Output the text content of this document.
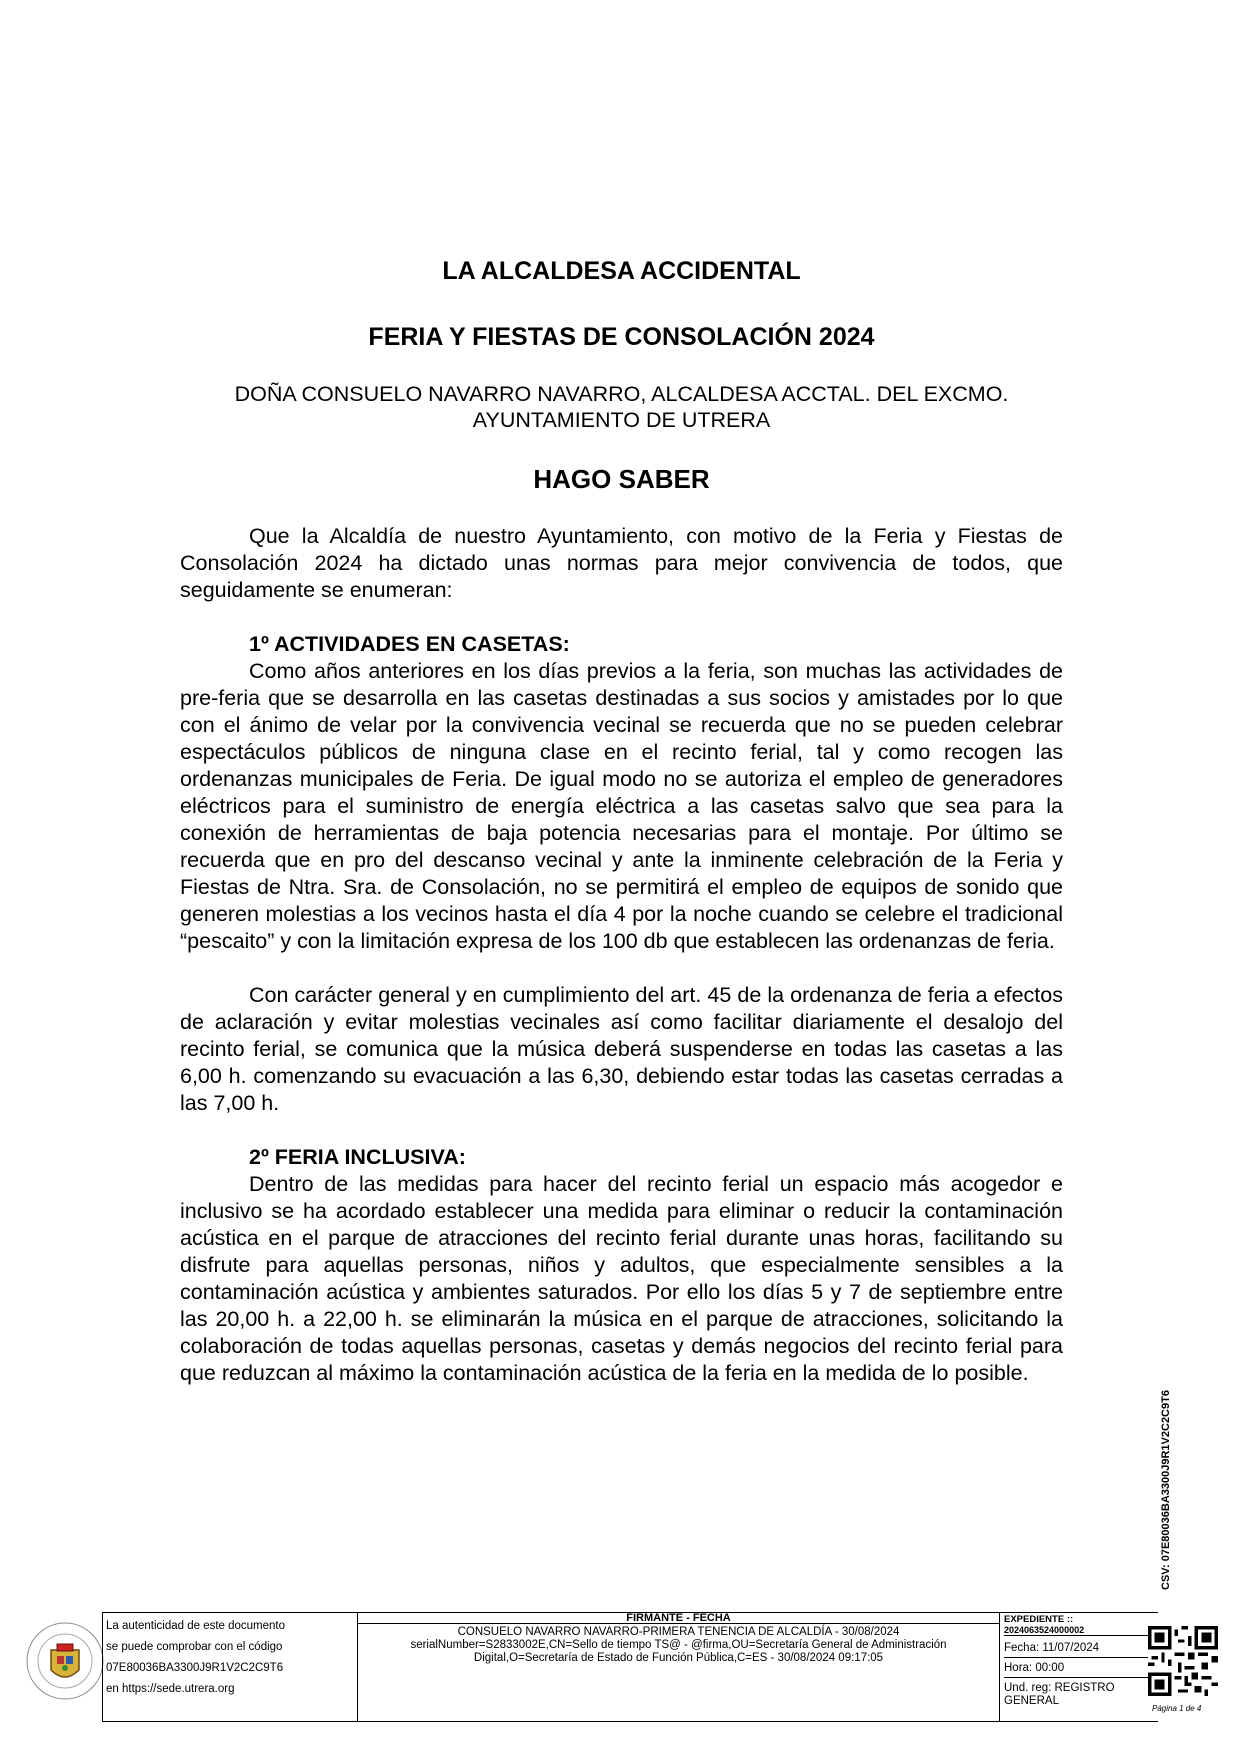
LA ALCALDESA ACCIDENTAL

FERIA Y FIESTAS DE CONSOLACIÓN 2024

DOÑA CONSUELO NAVARRO NAVARRO, ALCALDESA ACCTAL. DEL EXCMO.
AYUNTAMIENTO DE UTRERA

HAGO SABER

Que la Alcaldía de nuestro Ayuntamiento, con motivo de la Feria y Fiestas de Consolación 2024 ha dictado unas normas para mejor convivencia de todos, que seguidamente se enumeran:

1º ACTIVIDADES EN CASETAS:

Como años anteriores en los días previos a la feria, son muchas las actividades de pre-feria que se desarrolla en las casetas destinadas a sus socios y amistades por lo que con el ánimo de velar por la convivencia vecinal se recuerda que no se pueden celebrar espectáculos públicos de ninguna clase en el recinto ferial, tal y como recogen las ordenanzas municipales de Feria. De igual modo no se autoriza el empleo de generadores eléctricos para el suministro de energía eléctrica a las casetas salvo que sea para la conexión de herramientas de baja potencia necesarias para el montaje. Por último se recuerda que en pro del descanso vecinal y ante la inminente celebración de la Feria y Fiestas de Ntra. Sra. de Consolación, no se permitirá el empleo de equipos de sonido que generen molestias a los vecinos hasta el día 4 por la noche cuando se celebre el tradicional “pescaito” y con la limitación expresa de los 100 db que establecen las ordenanzas de feria.

Con carácter general y en cumplimiento del art. 45 de la ordenanza de feria a efectos de aclaración y evitar molestias vecinales así como facilitar diariamente el desalojo del recinto ferial, se comunica que la música deberá suspenderse en todas las casetas a las 6,00 h. comenzando su evacuación a las 6,30, debiendo estar todas las casetas cerradas a las 7,00 h.

2º FERIA INCLUSIVA:

Dentro de las medidas para hacer del recinto ferial un espacio más acogedor e inclusivo se ha acordado establecer una medida para eliminar o reducir la contaminación acústica en el parque de atracciones del recinto ferial durante unas horas, facilitando su disfrute para aquellas personas, niños y adultos, que especialmente sensibles a la contaminación acústica y ambientes saturados. Por ello los días 5 y 7 de septiembre entre las 20,00 h. a 22,00 h. se eliminarán la música en el parque de atracciones, solicitando la colaboración de todas aquellas personas, casetas y demás negocios del recinto ferial para que reduzcan al máximo la contaminación acústica de la feria en la medida de lo posible.

CSV: 07E80036BA3300J9R1V2C2C9T6
La autenticidad de este documento
se puede comprobar con el código
07E80036BA3300J9R1V2C2C9T6
en https://sede.utrera.org
FIRMANTE - FECHA
CONSUELO NAVARRO NAVARRO-PRIMERA TENENCIA DE ALCALDÍA - 30/08/2024
serialNumber=S2833002E,CN=Sello de tiempo TS@ - @firma,OU=Secretaría General de Administración
Digital,O=Secretaría de Estado de Función Pública,C=ES - 30/08/2024 09:17:05
EXPEDIENTE ::
2024063524000002
Fecha: 11/07/2024
Hora: 00:00
Und. reg: REGISTRO GENERAL
Página 1 de 4
